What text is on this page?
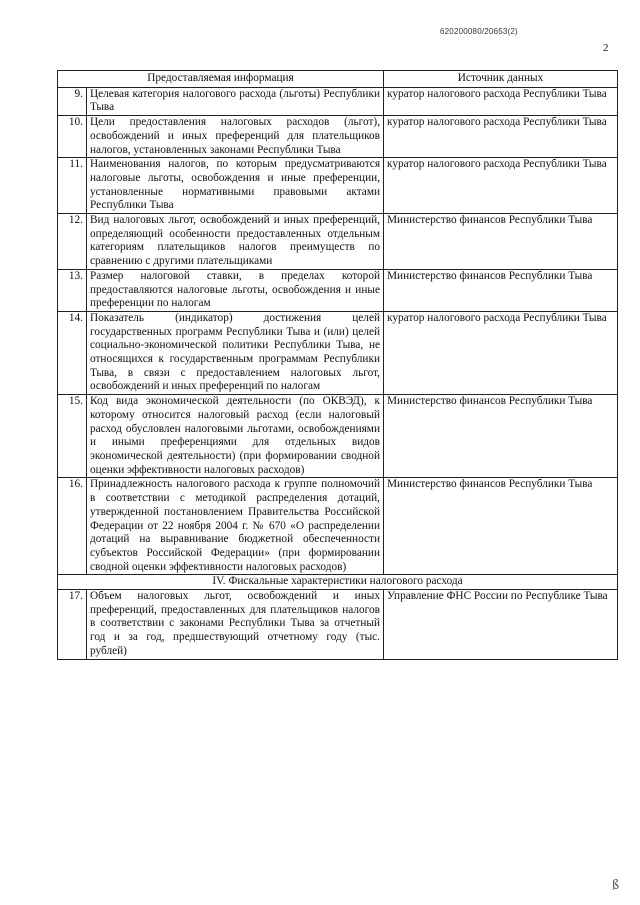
620200080/20653(2)
2
Предоставляемая информация		Источник данных
9.	Целевая категория налогового расхода (льготы) Республики Тыва	куратор налогового расхода Республики Тыва
10.	Цели предоставления налоговых расходов (льгот), освобождений и иных преференций для плательщиков налогов, установленных законами Республики Тыва	куратор налогового расхода Республики Тыва
11.	Наименования налогов, по которым предусматриваются налоговые льготы, освобождения и иные преференции, установленные нормативными правовыми актами Республики Тыва	куратор налогового расхода Республики Тыва
12.	Вид налоговых льгот, освобождений и иных преференций, определяющий особенности предоставленных отдельным категориям плательщиков налогов преимуществ по сравнению с другими плательщиками	Министерство финансов Республики Тыва
13.	Размер налоговой ставки, в пределах которой предоставляются налоговые льготы, освобождения и иные преференции по налогам	Министерство финансов Республики Тыва
14.	Показатель (индикатор) достижения целей государственных программ Республики Тыва и (или) целей социально-экономической политики Республики Тыва, не относящихся к государственным программам Республики Тыва, в связи с предоставлением налоговых льгот, освобождений и иных преференций по налогам	куратор налогового расхода Республики Тыва
15.	Код вида экономической деятельности (по ОКВЭД), к которому относится налоговый расход (если налоговый расход обусловлен налоговыми льготами, освобождениями и иными преференциями для отдельных видов экономической деятельности) (при формировании сводной оценки эффективности налоговых расходов)	Министерство финансов Республики Тыва
16.	Принадлежность налогового расхода к группе полномочий в соответствии с методикой распределения дотаций, утвержденной постановлением Правительства Российской Федерации от 22 ноября 2004 г. № 670 «О распределении дотаций на выравнивание бюджетной обеспеченности субъектов Российской Федерации» (при формировании сводной оценки эффективности налоговых расходов)	Министерство финансов Республики Тыва
IV. Фискальные характеристики налогового расхода		
17.	Объем налоговых льгот, освобождений и иных преференций, предоставленных для плательщиков налогов в соответствии с законами Республики Тыва за отчетный год и за год, предшествующий отчетному году (тыс. рублей)	Управление ФНС России по Республике Тыва
ß
